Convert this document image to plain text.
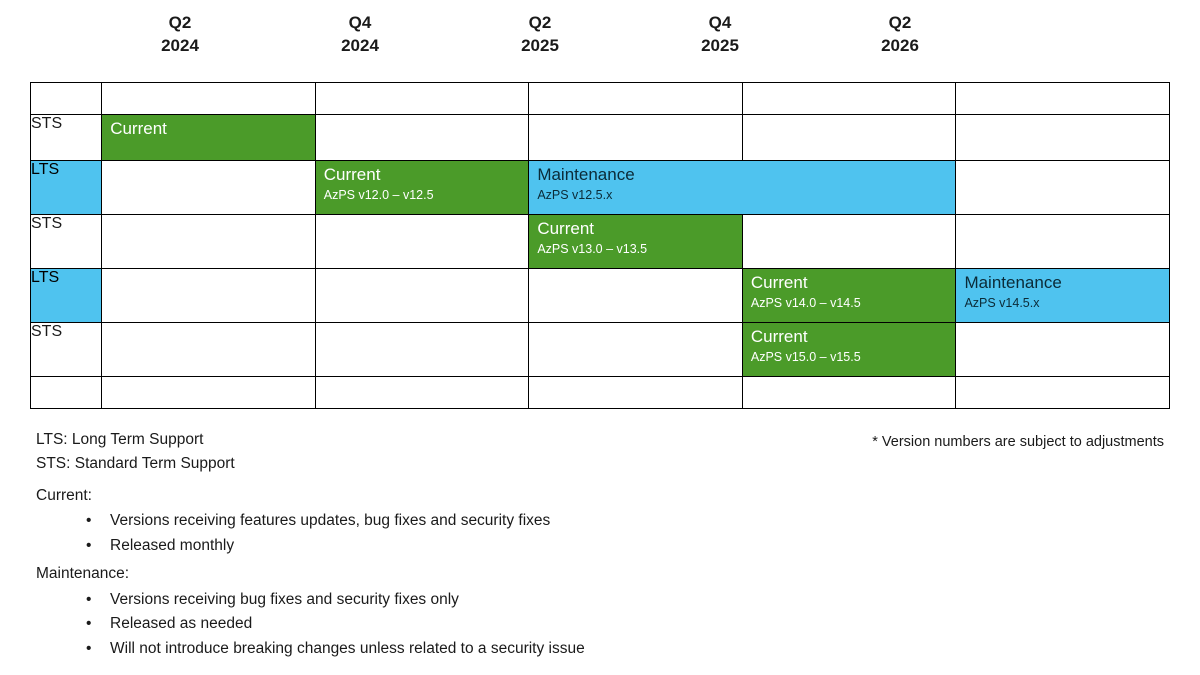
Q2
2024
Q4
2024
Q2
2025
Q4
2025
Q2
2026

STS	Current				

LTS		Current
AzPS v12.0 – v12.5	Maintenance
AzPS v12.5.x		

STS			Current
AzPS v13.0 – v13.5		

LTS				Current
AzPS v14.0 – v14.5	Maintenance
AzPS v14.5.x

STS				Current
AzPS v15.0 – v15.5	

LTS: Long Term Support
STS: Standard Term Support
* Version numbers are subject to adjustments
Current:
• Versions receiving features updates, bug fixes and security fixes
• Released monthly
Maintenance:
• Versions receiving bug fixes and security fixes only
• Released as needed
• Will not introduce breaking changes unless related to a security issue
